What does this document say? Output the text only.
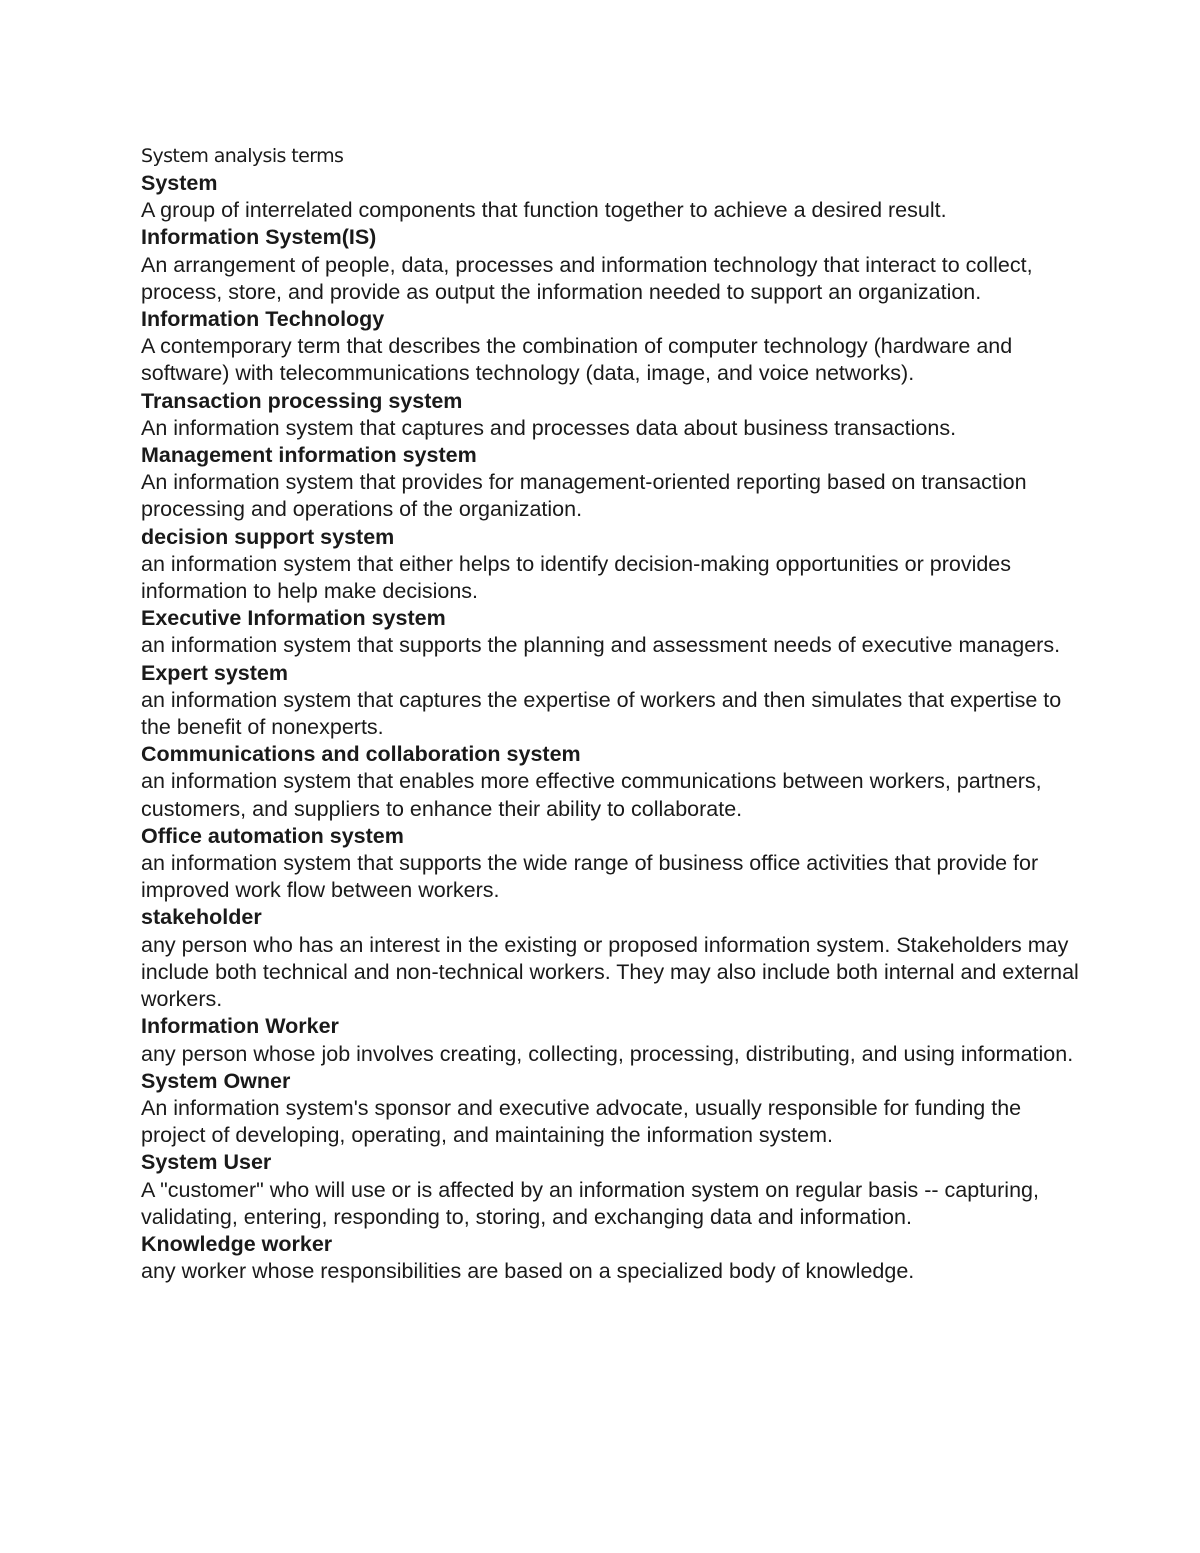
System analysis terms

System

A group of interrelated components that function together to achieve a desired result.

Information System(IS)

An arrangement of people, data, processes and information technology that interact to collect, process, store, and provide as output the information needed to support an organization.

Information Technology

A contemporary term that describes the combination of computer technology (hardware and software) with telecommunications technology (data, image, and voice networks).

Transaction processing system

An information system that captures and processes data about business transactions.

Management information system

An information system that provides for management-oriented reporting based on transaction processing and operations of the organization.

decision support system

an information system that either helps to identify decision-making opportunities or provides information to help make decisions.

Executive Information system

an information system that supports the planning and assessment needs of executive managers.

Expert system

an information system that captures the expertise of workers and then simulates that expertise to the benefit of nonexperts.

Communications and collaboration system

an information system that enables more effective communications between workers, partners, customers, and suppliers to enhance their ability to collaborate.

Office automation system

an information system that supports the wide range of business office activities that provide for improved work flow between workers.

stakeholder

any person who has an interest in the existing or proposed information system. Stakeholders may include both technical and non-technical workers. They may also include both internal and external workers.

Information Worker

any person whose job involves creating, collecting, processing, distributing, and using information.

System Owner

An information system's sponsor and executive advocate, usually responsible for funding the project of developing, operating, and maintaining the information system.

System User

A "customer" who will use or is affected by an information system on regular basis -- capturing, validating, entering, responding to, storing, and exchanging data and information.

Knowledge worker

any worker whose responsibilities are based on a specialized body of knowledge.
